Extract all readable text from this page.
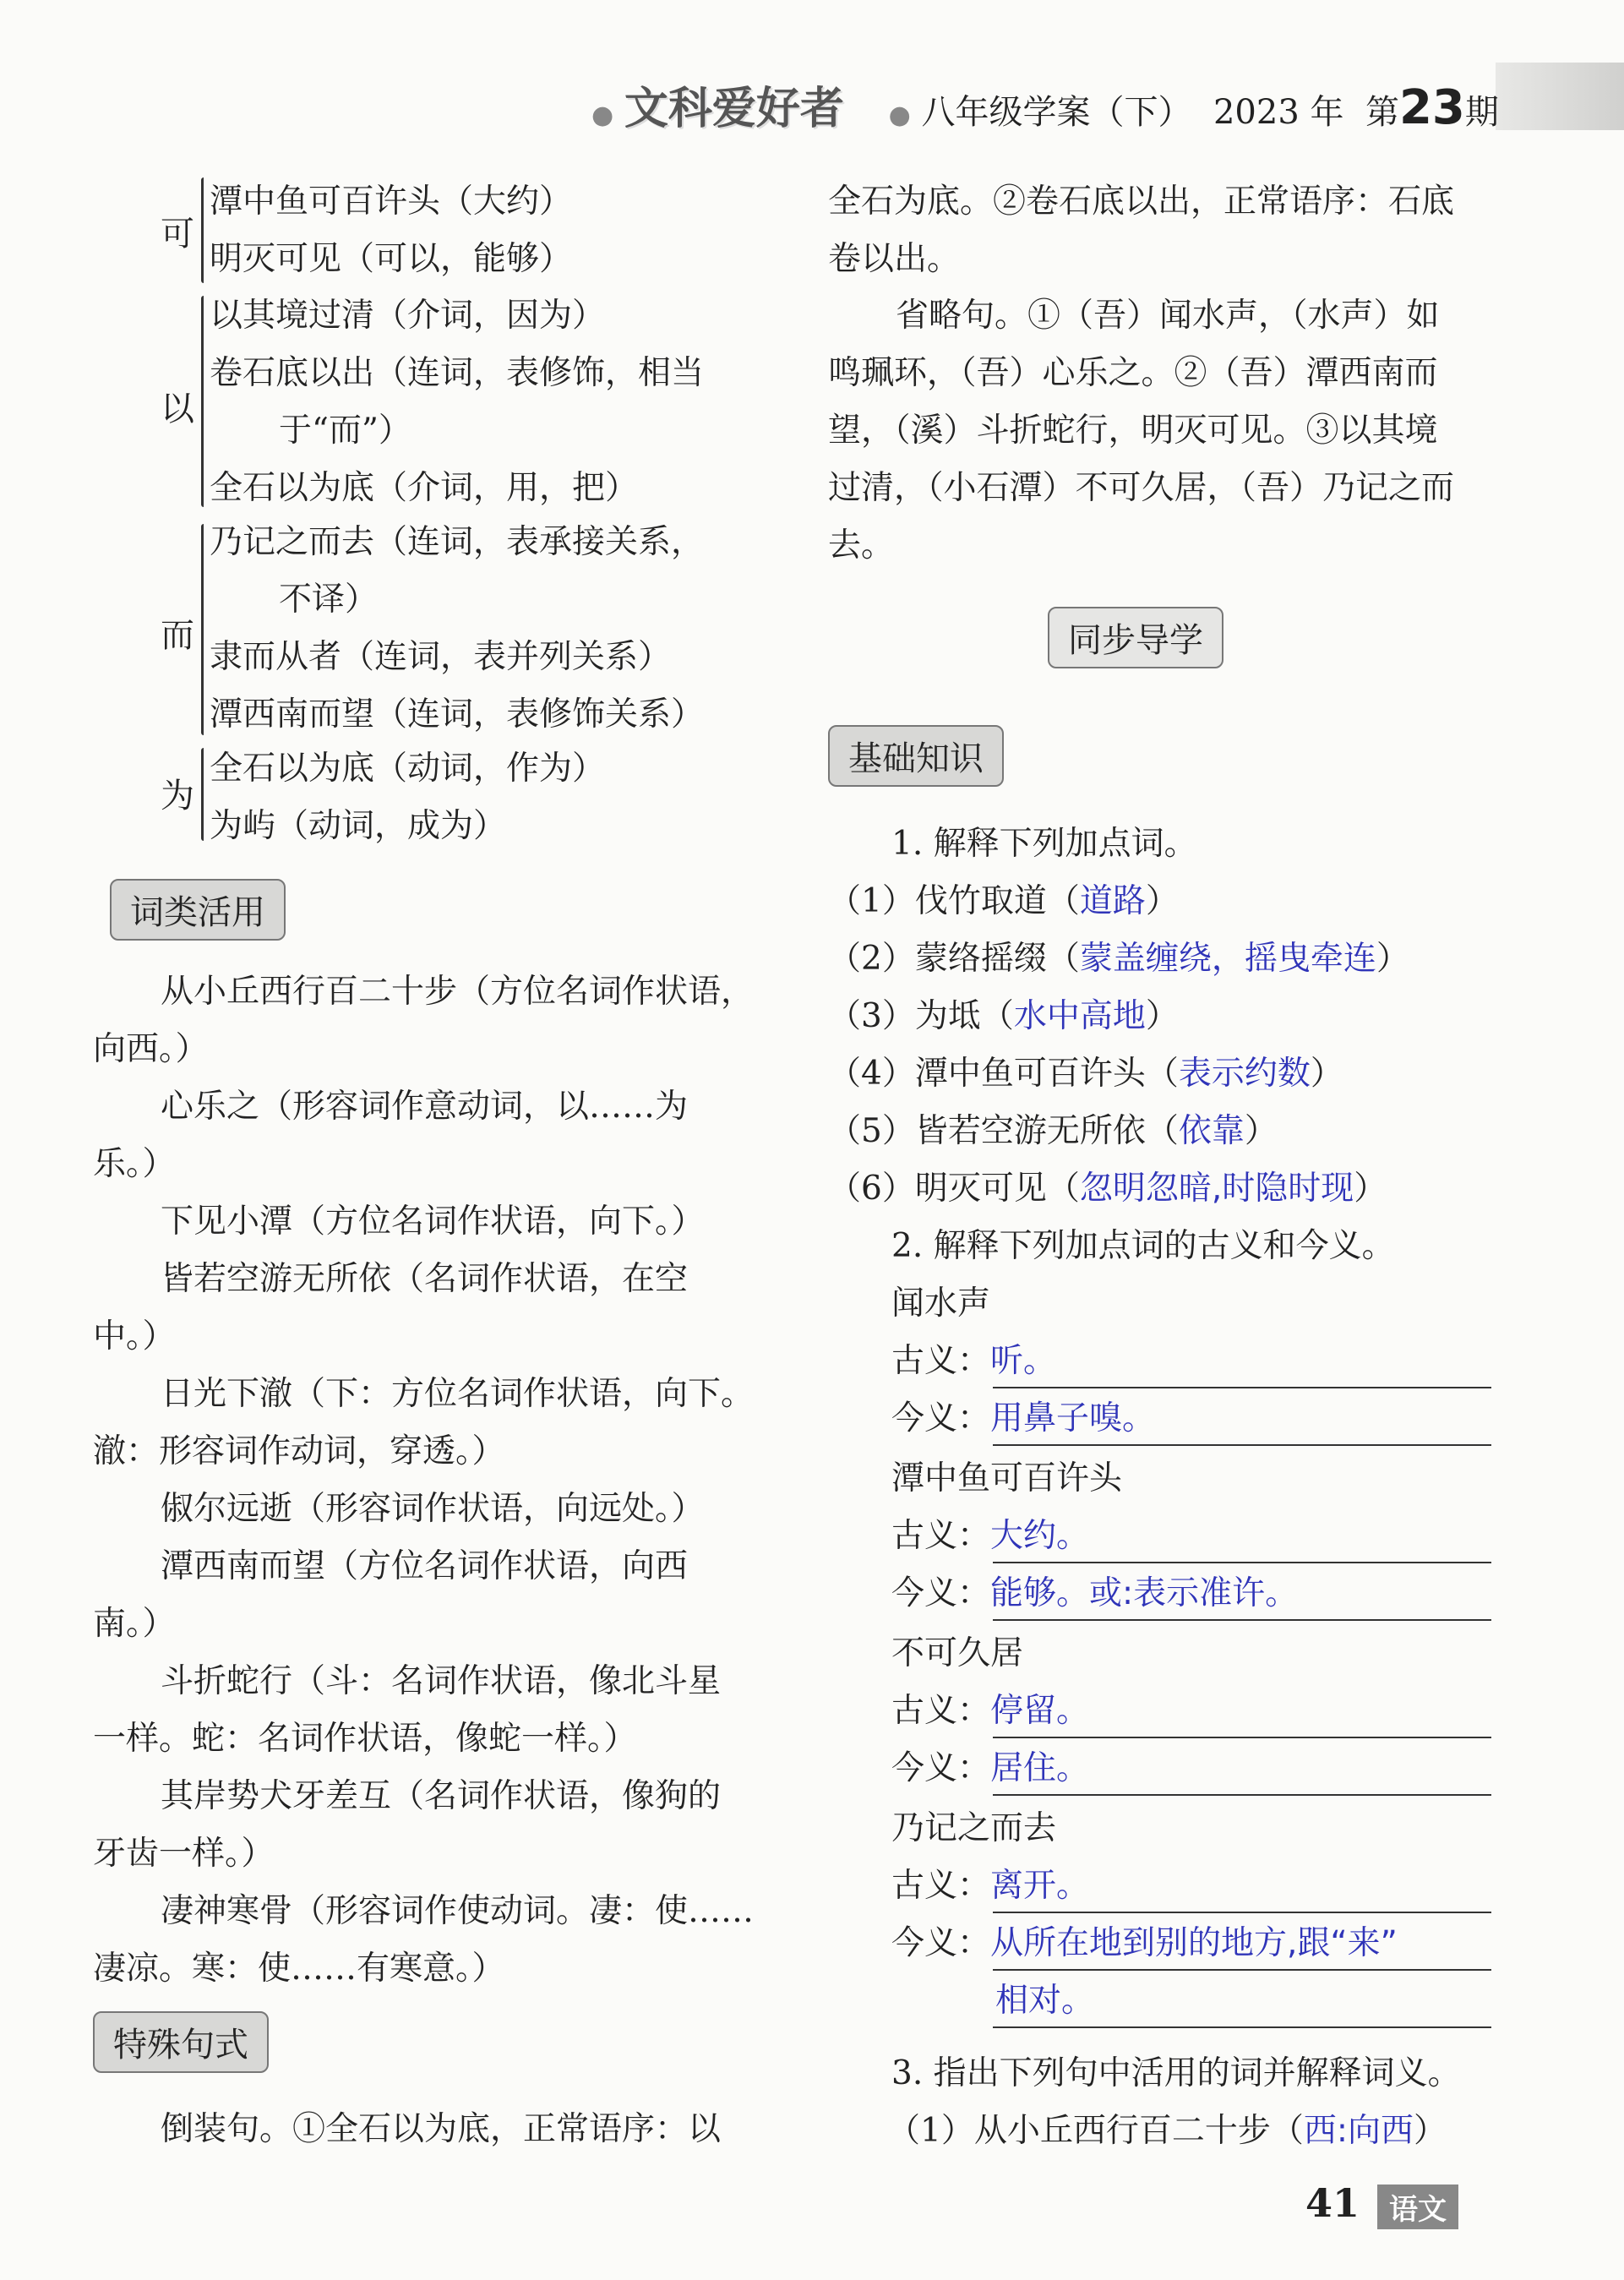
● 文科爱好者 ● 八年级学案（下） 2023 年 第23期
可
潭中鱼可百许头（大约）
明灭可见（可以，能够）
以
以其境过清（介词，因为）
卷石底以出（连词，表修饰，相当
于“而”）
全石以为底（介词，用，把）
而
乃记之而去（连词，表承接关系，
不译）
隶而从者（连词，表并列关系）
潭西南而望（连词，表修饰关系）
为
全石以为底（动词，作为）
为屿（动词，成为）
词类活用
从小丘西行百二十步（方位名词作状语，
向西。）
心乐之（形容词作意动词，以……为
乐。）
下见小潭（方位名词作状语，向下。）
皆若空游无所依（名词作状语，在空
中。）
日光下澈（下：方位名词作状语，向下。
澈：形容词作动词，穿透。）
俶尔远逝（形容词作状语，向远处。）
潭西南而望（方位名词作状语，向西
南。）
斗折蛇行（斗：名词作状语，像北斗星
一样。蛇：名词作状语，像蛇一样。）
其岸势犬牙差互（名词作状语，像狗的
牙齿一样。）
凄神寒骨（形容词作使动词。凄：使……
凄凉。寒：使……有寒意。）
特殊句式
倒装句。①全石以为底，正常语序：以
全石为底。②卷石底以出，正常语序：石底
卷以出。
省略句。①（吾）闻水声，（水声）如
鸣珮环，（吾）心乐之。②（吾）潭西南而
望，（溪）斗折蛇行，明灭可见。③以其境
过清，（小石潭）不可久居，（吾）乃记之而
去。
同步导学
基础知识
1. 解释下列加点词。
（1）伐竹取道（道路）
（2）蒙络摇缀（蒙盖缠绕，摇曳牵连）
（3）为坻（水中高地）
（4）潭中鱼可百许头（表示约数）
（5）皆若空游无所依（依靠）
（6）明灭可见（忽明忽暗,时隐时现）
2. 解释下列加点词的古义和今义。
闻水声
古义：听。
今义：用鼻子嗅。
潭中鱼可百许头
古义：大约。
今义：能够。或:表示准许。
不可久居
古义：停留。
今义：居住。
乃记之而去
古义：离开。
今义：从所在地到别的地方,跟“来”
相对。
3. 指出下列句中活用的词并解释词义。
（1）从小丘西行百二十步（西:向西）
41	语文
